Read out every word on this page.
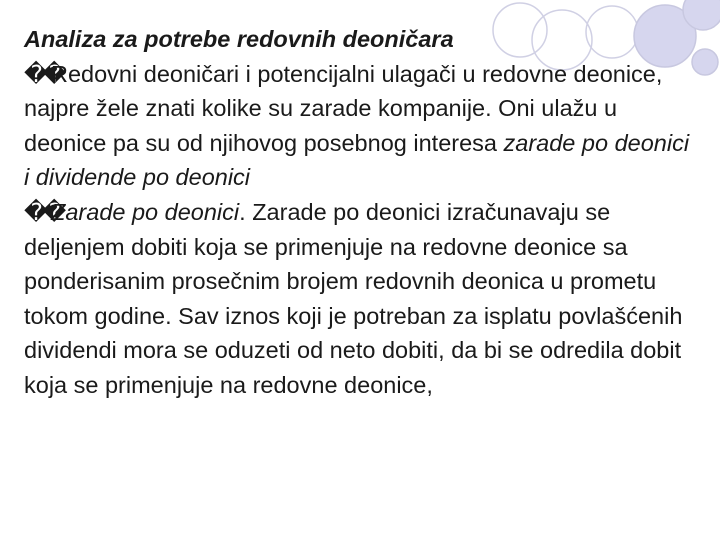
Analiza za potrebe redovnih deoničara

��Redovni deoničari i potencijalni ulagači u redovne deonice, najpre žele znati kolike su zarade kompanije. Oni ulažu u deonice pa su od njihovog posebnog interesa zarade po deonici i dividende po deonici

��Zarade po deonici. Zarade po deonici izračunavaju se deljenjem dobiti koja se primenjuje na redovne deonice sa ponderisanim prosečnim brojem redovnih deonica u prometu tokom godine. Sav iznos koji je potreban za isplatu povlašćenih dividendi mora se oduzeti od neto dobiti, da bi se odredila dobit koja se primenjuje na redovne deonice,
